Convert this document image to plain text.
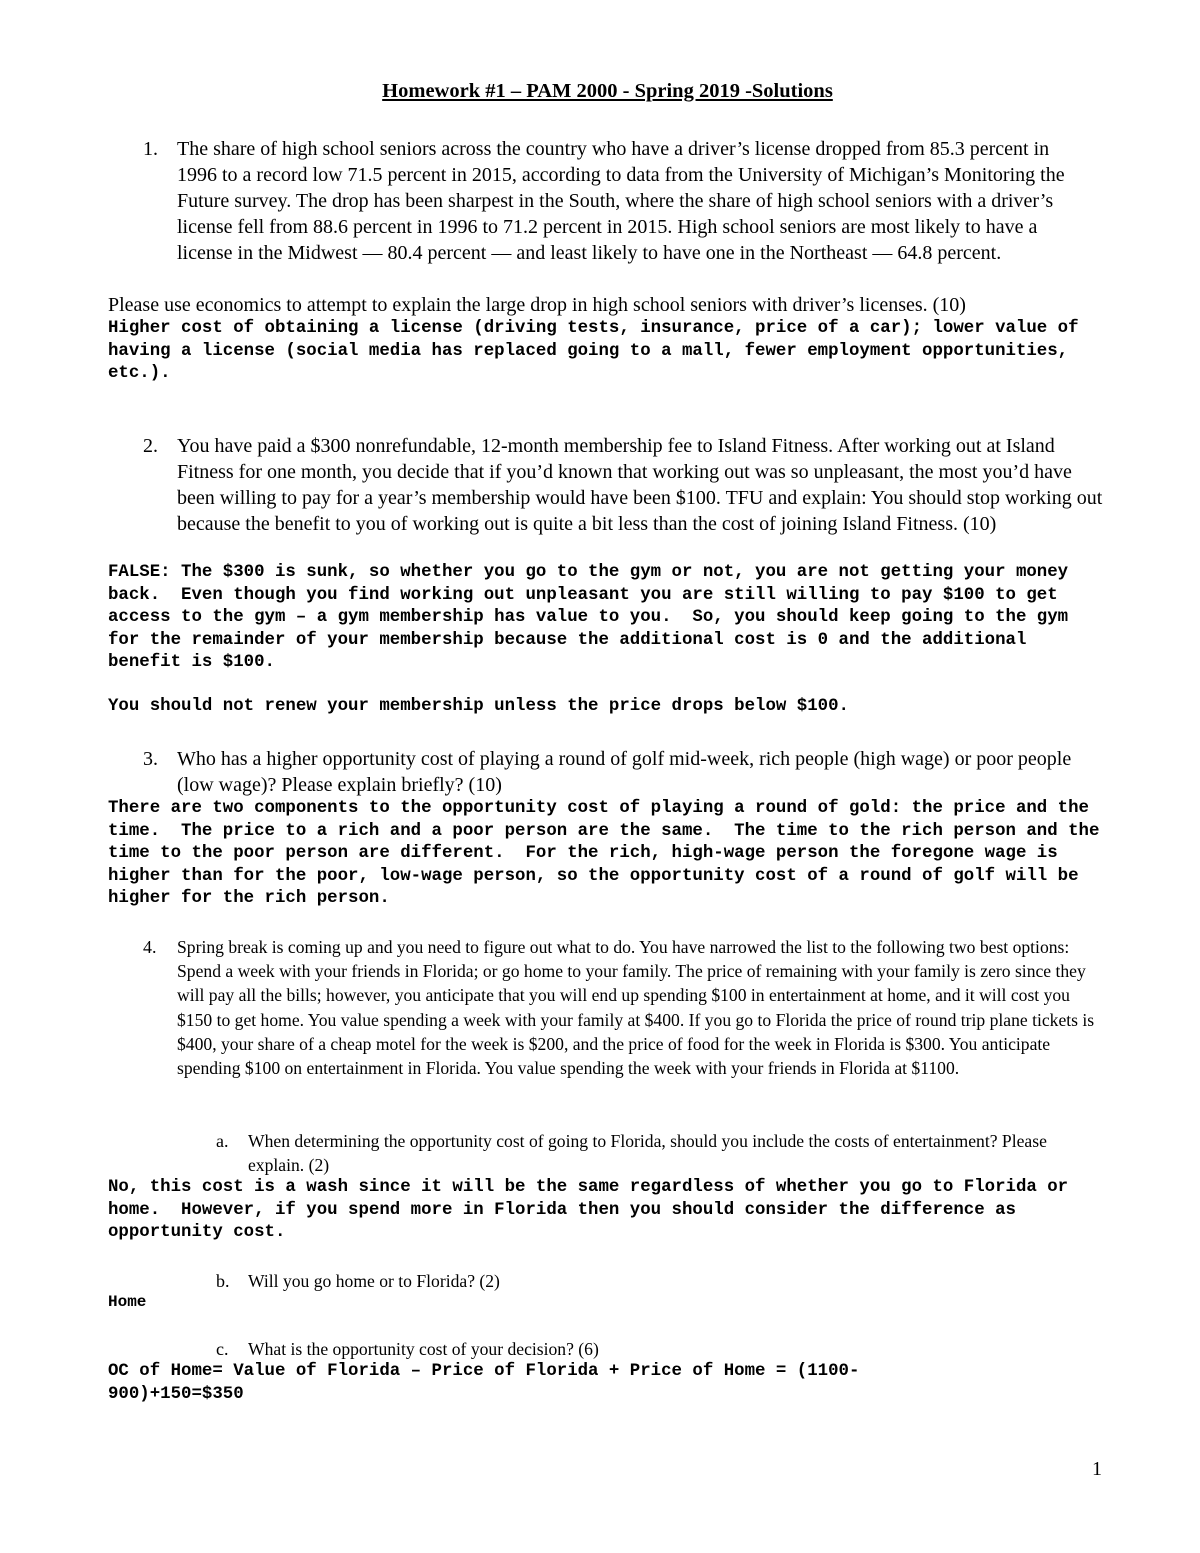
Homework #1 – PAM 2000 - Spring 2019 -Solutions
1. The share of high school seniors across the country who have a driver’s license dropped from 85.3 percent in 1996 to a record low 71.5 percent in 2015, according to data from the University of Michigan’s Monitoring the Future survey. The drop has been sharpest in the South, where the share of high school seniors with a driver’s license fell from 88.6 percent in 1996 to 71.2 percent in 2015. High school seniors are most likely to have a license in the Midwest — 80.4 percent — and least likely to have one in the Northeast — 64.8 percent.
Please use economics to attempt to explain the large drop in high school seniors with driver’s licenses. (10)
Higher cost of obtaining a license (driving tests, insurance, price of a car); lower value of having a license (social media has replaced going to a mall, fewer employment opportunities, etc.).
2. You have paid a $300 nonrefundable, 12-month membership fee to Island Fitness. After working out at Island Fitness for one month, you decide that if you’d known that working out was so unpleasant, the most you’d have been willing to pay for a year’s membership would have been $100. TFU and explain: You should stop working out because the benefit to you of working out is quite a bit less than the cost of joining Island Fitness. (10)
FALSE: The $300 is sunk, so whether you go to the gym or not, you are not getting your money back.  Even though you find working out unpleasant you are still willing to pay $100 to get access to the gym – a gym membership has value to you.  So, you should keep going to the gym for the remainder of your membership because the additional cost is 0 and the additional benefit is $100.
You should not renew your membership unless the price drops below $100.
3. Who has a higher opportunity cost of playing a round of golf mid-week, rich people (high wage) or poor people (low wage)? Please explain briefly? (10)
There are two components to the opportunity cost of playing a round of gold: the price and the time.  The price to a rich and a poor person are the same.  The time to the rich person and the time to the poor person are different.  For the rich, high-wage person the foregone wage is higher than for the poor, low-wage person, so the opportunity cost of a round of golf will be higher for the rich person.
4. Spring break is coming up and you need to figure out what to do. You have narrowed the list to the following two best options: Spend a week with your friends in Florida; or go home to your family. The price of remaining with your family is zero since they will pay all the bills; however, you anticipate that you will end up spending $100 in entertainment at home, and it will cost you $150 to get home. You value spending a week with your family at $400. If you go to Florida the price of round trip plane tickets is $400, your share of a cheap motel for the week is $200, and the price of food for the week in Florida is $300. You anticipate spending $100 on entertainment in Florida. You value spending the week with your friends in Florida at $1100.
a. When determining the opportunity cost of going to Florida, should you include the costs of entertainment? Please explain. (2)
No, this cost is a wash since it will be the same regardless of whether you go to Florida or home.  However, if you spend more in Florida then you should consider the difference as opportunity cost.
b. Will you go home or to Florida? (2)
Home
c. What is the opportunity cost of your decision? (6)
OC of Home= Value of Florida – Price of Florida + Price of Home = (1100-
900)+150=$350
1
